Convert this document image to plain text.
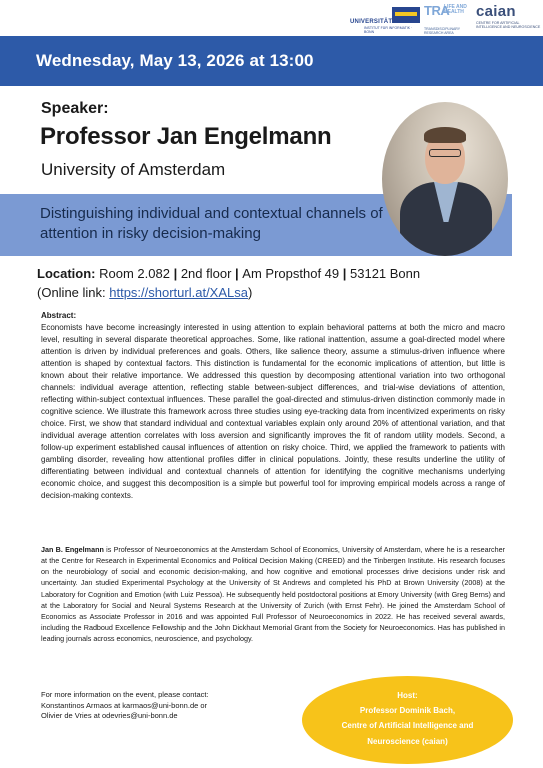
UNIVERSITÄT BONN
INSTITUT FÜR INFORMATIK · BONN
TRA
LIFE AND HEALTH
TRANSDISCIPLINARY RESEARCH AREA
caian
CENTRE FOR ARTIFICIAL INTELLIGENCE AND NEUROSCIENCE
Wednesday, May 13, 2026 at 13:00
Speaker:
Professor Jan Engelmann
University of Amsterdam
Distinguishing individual and contextual channels of attention in risky decision-making
Location: Room 2.082 | 2nd floor | Am Propsthof 49 | 53121 Bonn
(Online link: https://shorturl.at/XALsa)
Abstract:
Economists have become increasingly interested in using attention to explain behavioral patterns at both the micro and macro level, resulting in several disparate theoretical approaches. Some, like rational inattention, assume a goal-directed model where attention is driven by individual preferences and goals. Others, like salience theory, assume a stimulus-driven influence where attention is shaped by contextual factors. This distinction is fundamental for the economic implications of attention, but little is known about their relative importance. We addressed this question by decomposing attentional variation into two orthogonal channels: individual average attention, reflecting stable between-subject differences, and trial-wise deviations of attention, reflecting within-subject contextual influences. These parallel the goal-directed and stimulus-driven distinction commonly made in cognitive science. We illustrate this framework across three studies using eye-tracking data from incentivized experiments on risky choice. First, we show that standard individual and contextual variables explain only around 20% of attentional variation, and that individual average attention correlates with loss aversion and significantly improves the fit of random utility models. Second, a follow-up experiment established causal influences of attention on risky choice. Third, we applied the framework to patients with gambling disorder, revealing how attentional profiles differ in clinical populations. Jointly, these results underline the utility of differentiating between individual and contextual channels of attention for identifying the cognitive mechanisms underlying economic choice, and suggest this decomposition is a simple but powerful tool for improving empirical models across a range of decision-making contexts.
Jan B. Engelmann is Professor of Neuroeconomics at the Amsterdam School of Economics, University of Amsterdam, where he is a researcher at the Centre for Research in Experimental Economics and Political Decision Making (CREED) and the Tinbergen Institute. His research focuses on the neurobiology of social and economic decision-making, and how cognitive and emotional processes drive decisions under risk and uncertainty. Jan studied Experimental Psychology at the University of St Andrews and completed his PhD at Brown University (2008) at the Laboratory for Cognition and Emotion (with Luiz Pessoa). He subsequently held postdoctoral positions at Emory University (with Greg Berns) and at the Laboratory for Social and Neural Systems Research at the University of Zurich (with Ernst Fehr). He joined the Amsterdam School of Economics as Associate Professor in 2016 and was appointed Full Professor of Neuroeconomics in 2022. He has received several awards, including the Radboud Excellence Fellowship and the John Dickhaut Memorial Grant from the Society for Neuroeconomics. Has has published in leading journals across economics, neuroscience, and psychology.
For more information on the event, please contact:
Konstantinos Armaos at karmaos@uni-bonn.de or
Olivier de Vries at odevries@uni-bonn.de
Host:
Professor Dominik Bach,
Centre of Artificial Intelligence and
Neuroscience (caian)
